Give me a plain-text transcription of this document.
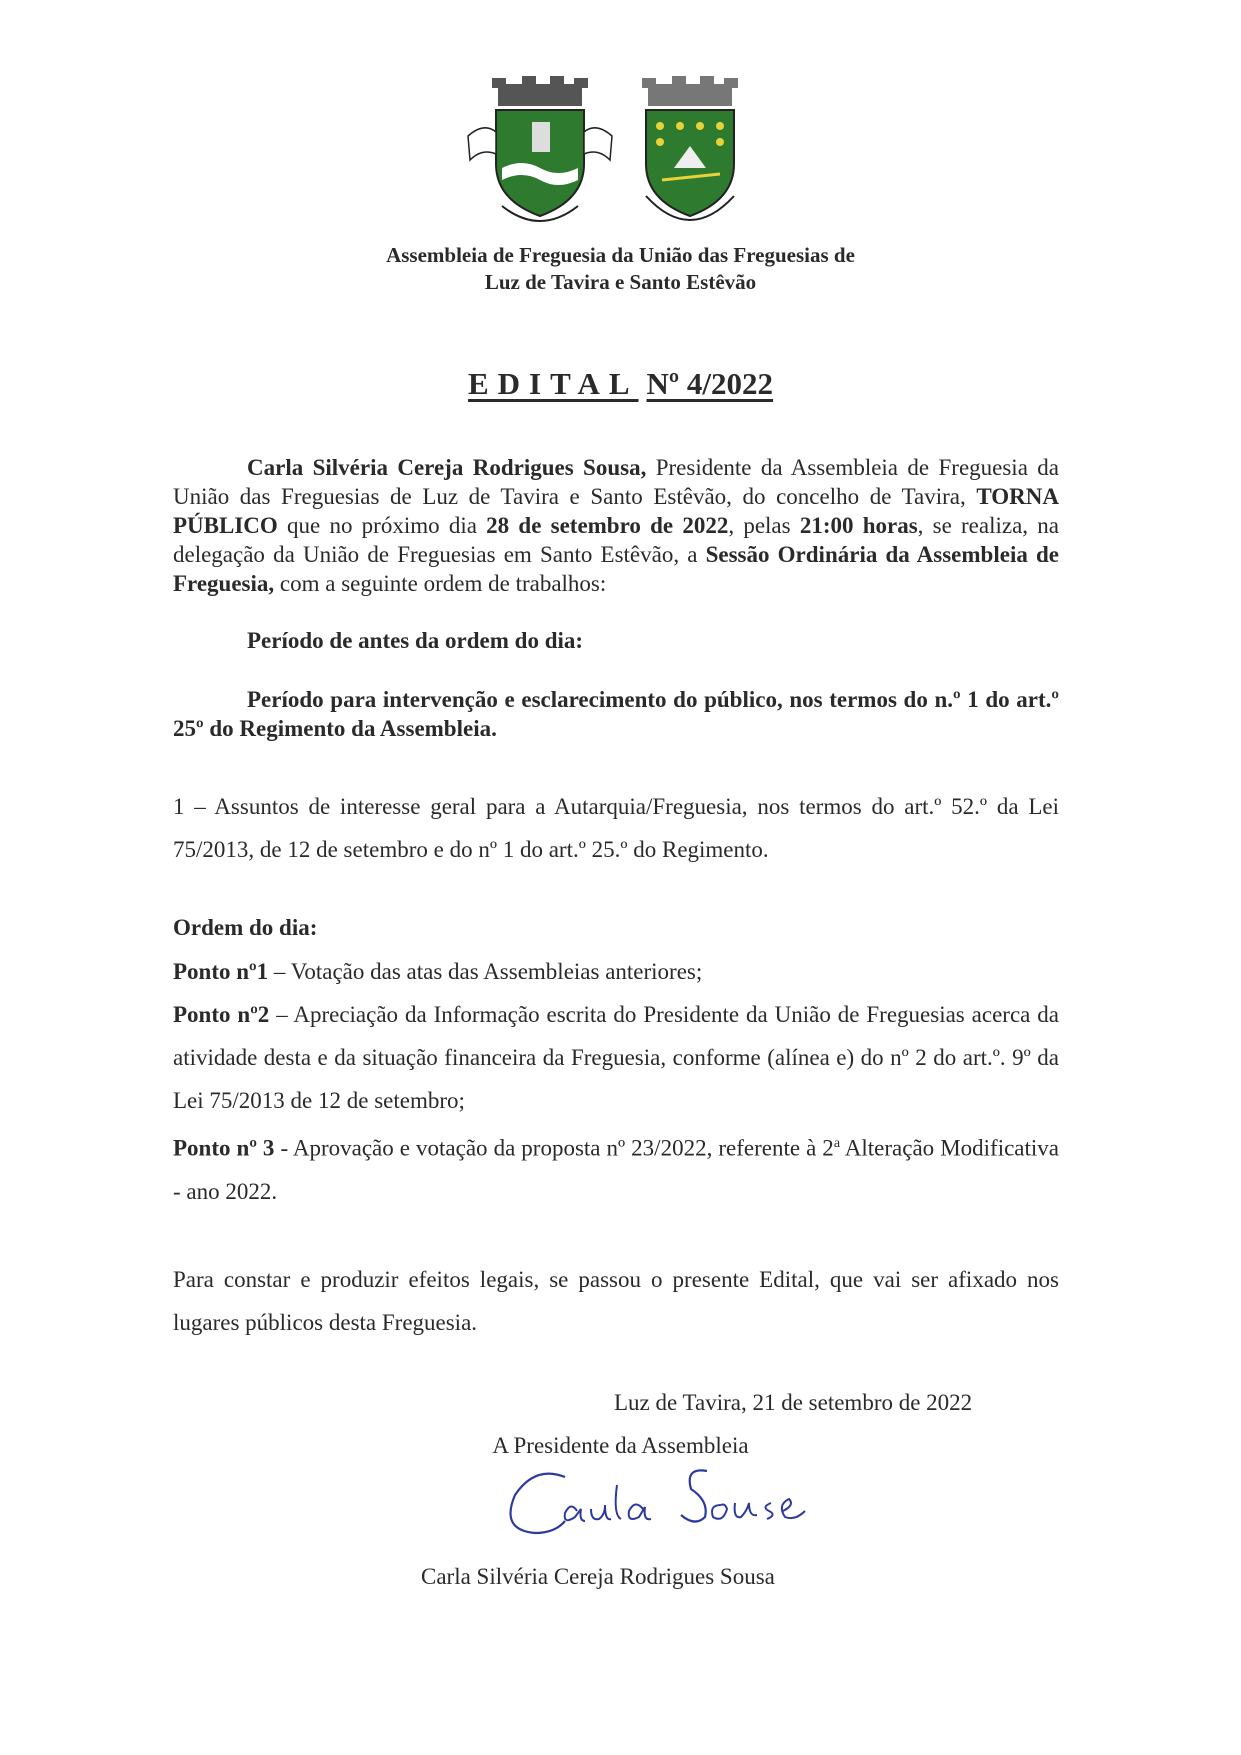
Assembleia de Freguesia da União das Freguesias de
Luz de Tavira e Santo Estêvão
EDITAL Nº 4/2022

Carla Silvéria Cereja Rodrigues Sousa, Presidente da Assembleia de Freguesia da União das Freguesias de Luz de Tavira e Santo Estêvão, do concelho de Tavira, TORNA PÚBLICO que no próximo dia 28 de setembro de 2022, pelas 21:00 horas, se realiza, na delegação da União de Freguesias em Santo Estêvão, a Sessão Ordinária da Assembleia de Freguesia, com a seguinte ordem de trabalhos:

Período de antes da ordem do dia:

Período para intervenção e esclarecimento do público, nos termos do n.º 1 do art.º 25º do Regimento da Assembleia.

1 – Assuntos de interesse geral para a Autarquia/Freguesia, nos termos do art.º 52.º da Lei 75/2013, de 12 de setembro e do nº 1 do art.º 25.º do Regimento.

Ordem do dia:

Ponto nº1 – Votação das atas das Assembleias anteriores;

Ponto nº2 – Apreciação da Informação escrita do Presidente da União de Freguesias acerca da atividade desta e da situação financeira da Freguesia, conforme (alínea e) do nº 2 do art.º. 9º da Lei 75/2013 de 12 de setembro;

Ponto nº 3 - Aprovação e votação da proposta nº 23/2022, referente à 2$^a$ Alteração Modificativa - ano 2022.

Para constar e produzir efeitos legais, se passou o presente Edital, que vai ser afixado nos lugares públicos desta Freguesia.

Luz de Tavira, 21 de setembro de 2022

A Presidente da Assembleia

Carla Silvéria Cereja Rodrigues Sousa
